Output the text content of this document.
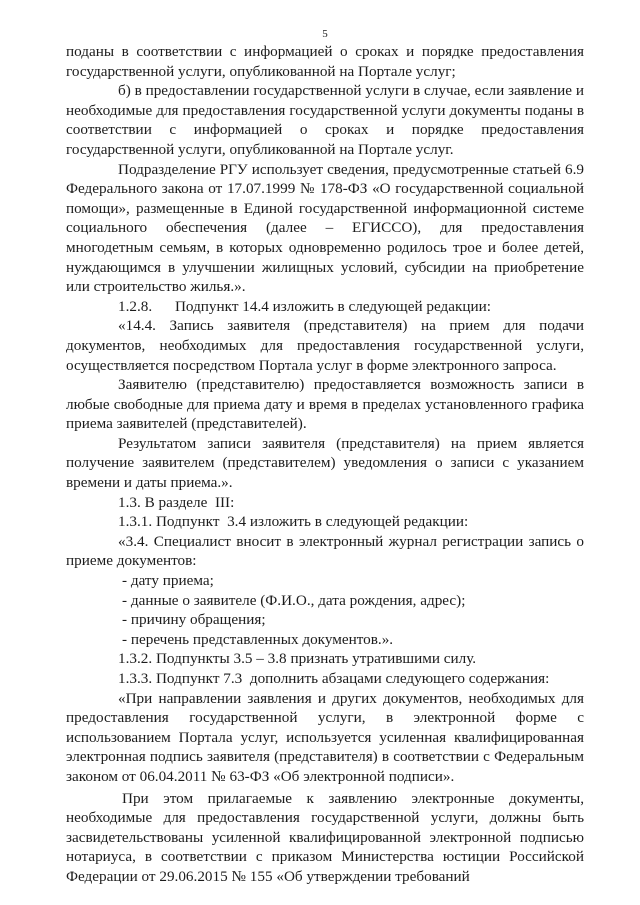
5

поданы в соответствии с информацией о сроках и порядке предоставления государственной услуги, опубликованной на Портале услуг;

б) в предоставлении государственной услуги в случае, если заявление и необходимые для предоставления государственной услуги документы поданы в соответствии с информацией о сроках и порядке предоставления государственной услуги, опубликованной на Портале услуг.

Подразделение РГУ использует сведения, предусмотренные статьей 6.9 Федерального закона от 17.07.1999 № 178-ФЗ «О государственной социальной помощи», размещенные в Единой государственной информационной системе социального обеспечения (далее – ЕГИССО), для предоставления многодетным семьям, в которых одновременно родилось трое и более детей, нуждающимся в улучшении жилищных условий, субсидии на приобретение или строительство жилья.».

1.2.8.      Подпункт 14.4 изложить в следующей редакции:

«14.4. Запись заявителя (представителя) на прием для подачи документов, необходимых для предоставления государственной услуги, осуществляется посредством Портала услуг в форме электронного запроса.

Заявителю (представителю) предоставляется возможность записи в любые свободные для приема дату и время в пределах установленного графика приема заявителей (представителей).

Результатом записи заявителя (представителя) на прием является получение заявителем (представителем) уведомления о записи с указанием времени и даты приема.».

1.3. В разделе  III:

1.3.1. Подпункт  3.4 изложить в следующей редакции:

«3.4. Специалист вносит в электронный журнал регистрации запись о приеме документов:

- дату приема;

- данные о заявителе (Ф.И.О., дата рождения, адрес);

- причину обращения;

- перечень представленных документов.».

1.3.2. Подпункты 3.5 – 3.8 признать утратившими силу.

1.3.3. Подпункт 7.3  дополнить абзацами следующего содержания:

«При направлении заявления и других документов, необходимых для предоставления государственной услуги, в электронной форме с использованием Портала услуг, используется усиленная квалифицированная электронная подпись заявителя (представителя) в соответствии с Федеральным законом от 06.04.2011 № 63-ФЗ «Об электронной подписи».

При этом прилагаемые к заявлению электронные документы, необходимые для предоставления государственной услуги, должны быть засвидетельствованы усиленной квалифицированной электронной подписью нотариуса, в соответствии с приказом Министерства юстиции Российской Федерации от 29.06.2015 № 155 «Об утверждении требований
